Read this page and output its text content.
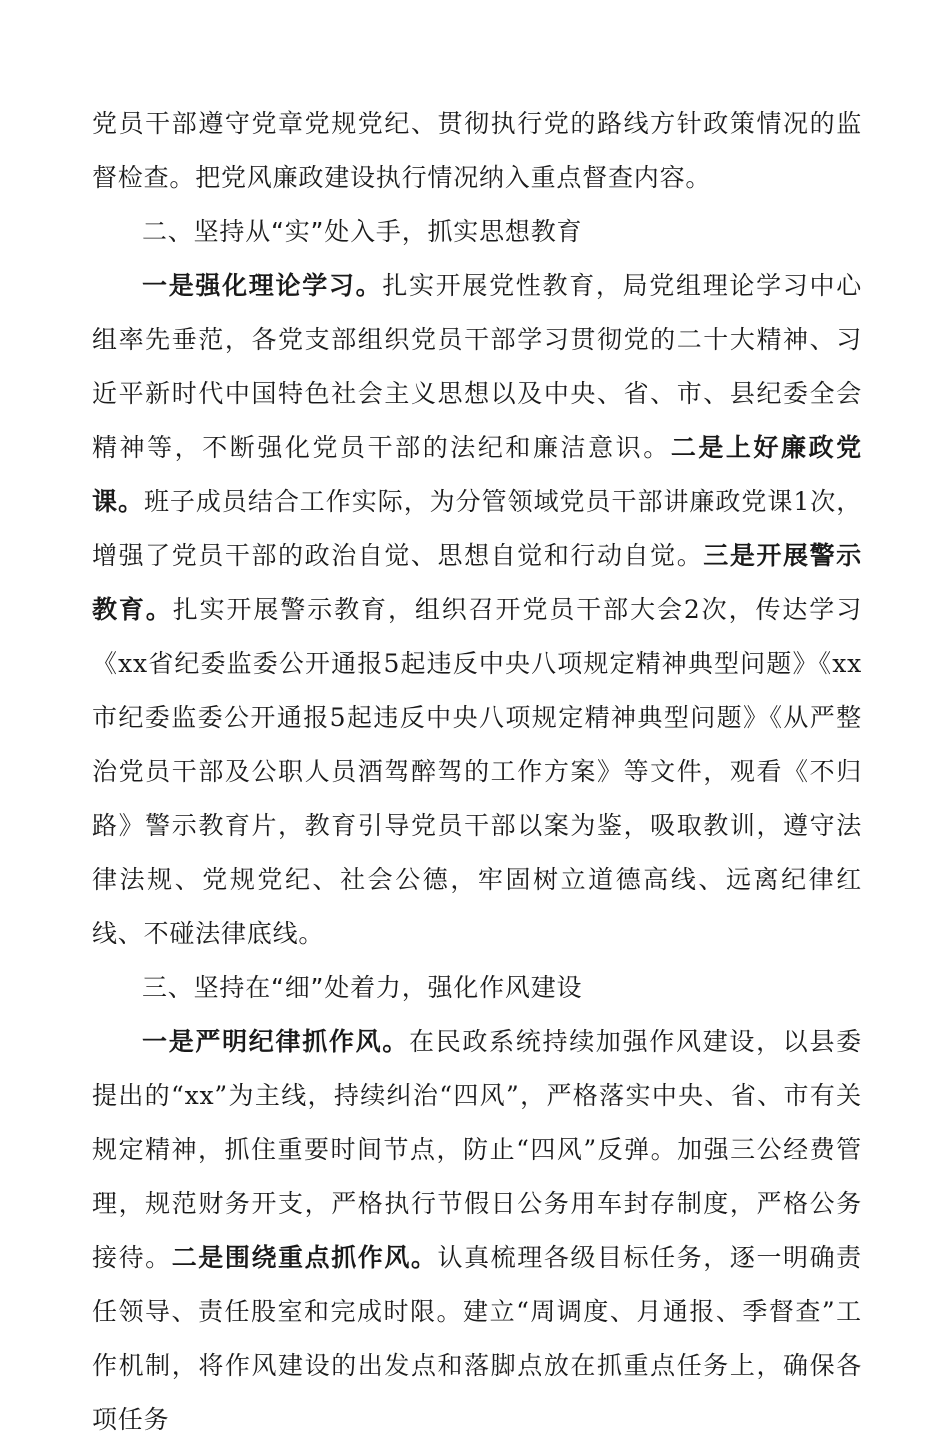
党员干部遵守党章党规党纪、贯彻执行党的路线方针政策情况的监督检查。把党风廉政建设执行情况纳入重点督查内容。

二、坚持从“实”处入手，抓实思想教育

一是强化理论学习。扎实开展党性教育，局党组理论学习中心组率先垂范，各党支部组织党员干部学习贯彻党的二十大精神、习近平新时代中国特色社会主义思想以及中央、省、市、县纪委全会精神等，不断强化党员干部的法纪和廉洁意识。二是上好廉政党课。班子成员结合工作实际，为分管领域党员干部讲廉政党课1次，增强了党员干部的政治自觉、思想自觉和行动自觉。三是开展警示教育。扎实开展警示教育，组织召开党员干部大会2次，传达学习《xx省纪委监委公开通报5起违反中央八项规定精神典型问题》《xx市纪委监委公开通报5起违反中央八项规定精神典型问题》《从严整治党员干部及公职人员酒驾醉驾的工作方案》等文件，观看《不归路》警示教育片，教育引导党员干部以案为鉴，吸取教训，遵守法律法规、党规党纪、社会公德，牢固树立道德高线、远离纪律红线、不碰法律底线。

三、坚持在“细”处着力，强化作风建设

一是严明纪律抓作风。在民政系统持续加强作风建设，以县委提出的“xx”为主线，持续纠治“四风”，严格落实中央、省、市有关规定精神，抓住重要时间节点，防止“四风”反弹。加强三公经费管理，规范财务开支，严格执行节假日公务用车封存制度，严格公务接待。二是围绕重点抓作风。认真梳理各级目标任务，逐一明确责任领导、责任股室和完成时限。建立“周调度、月通报、季督查”工作机制，将作风建设的出发点和落脚点放在抓重点任务上，确保各项任务
